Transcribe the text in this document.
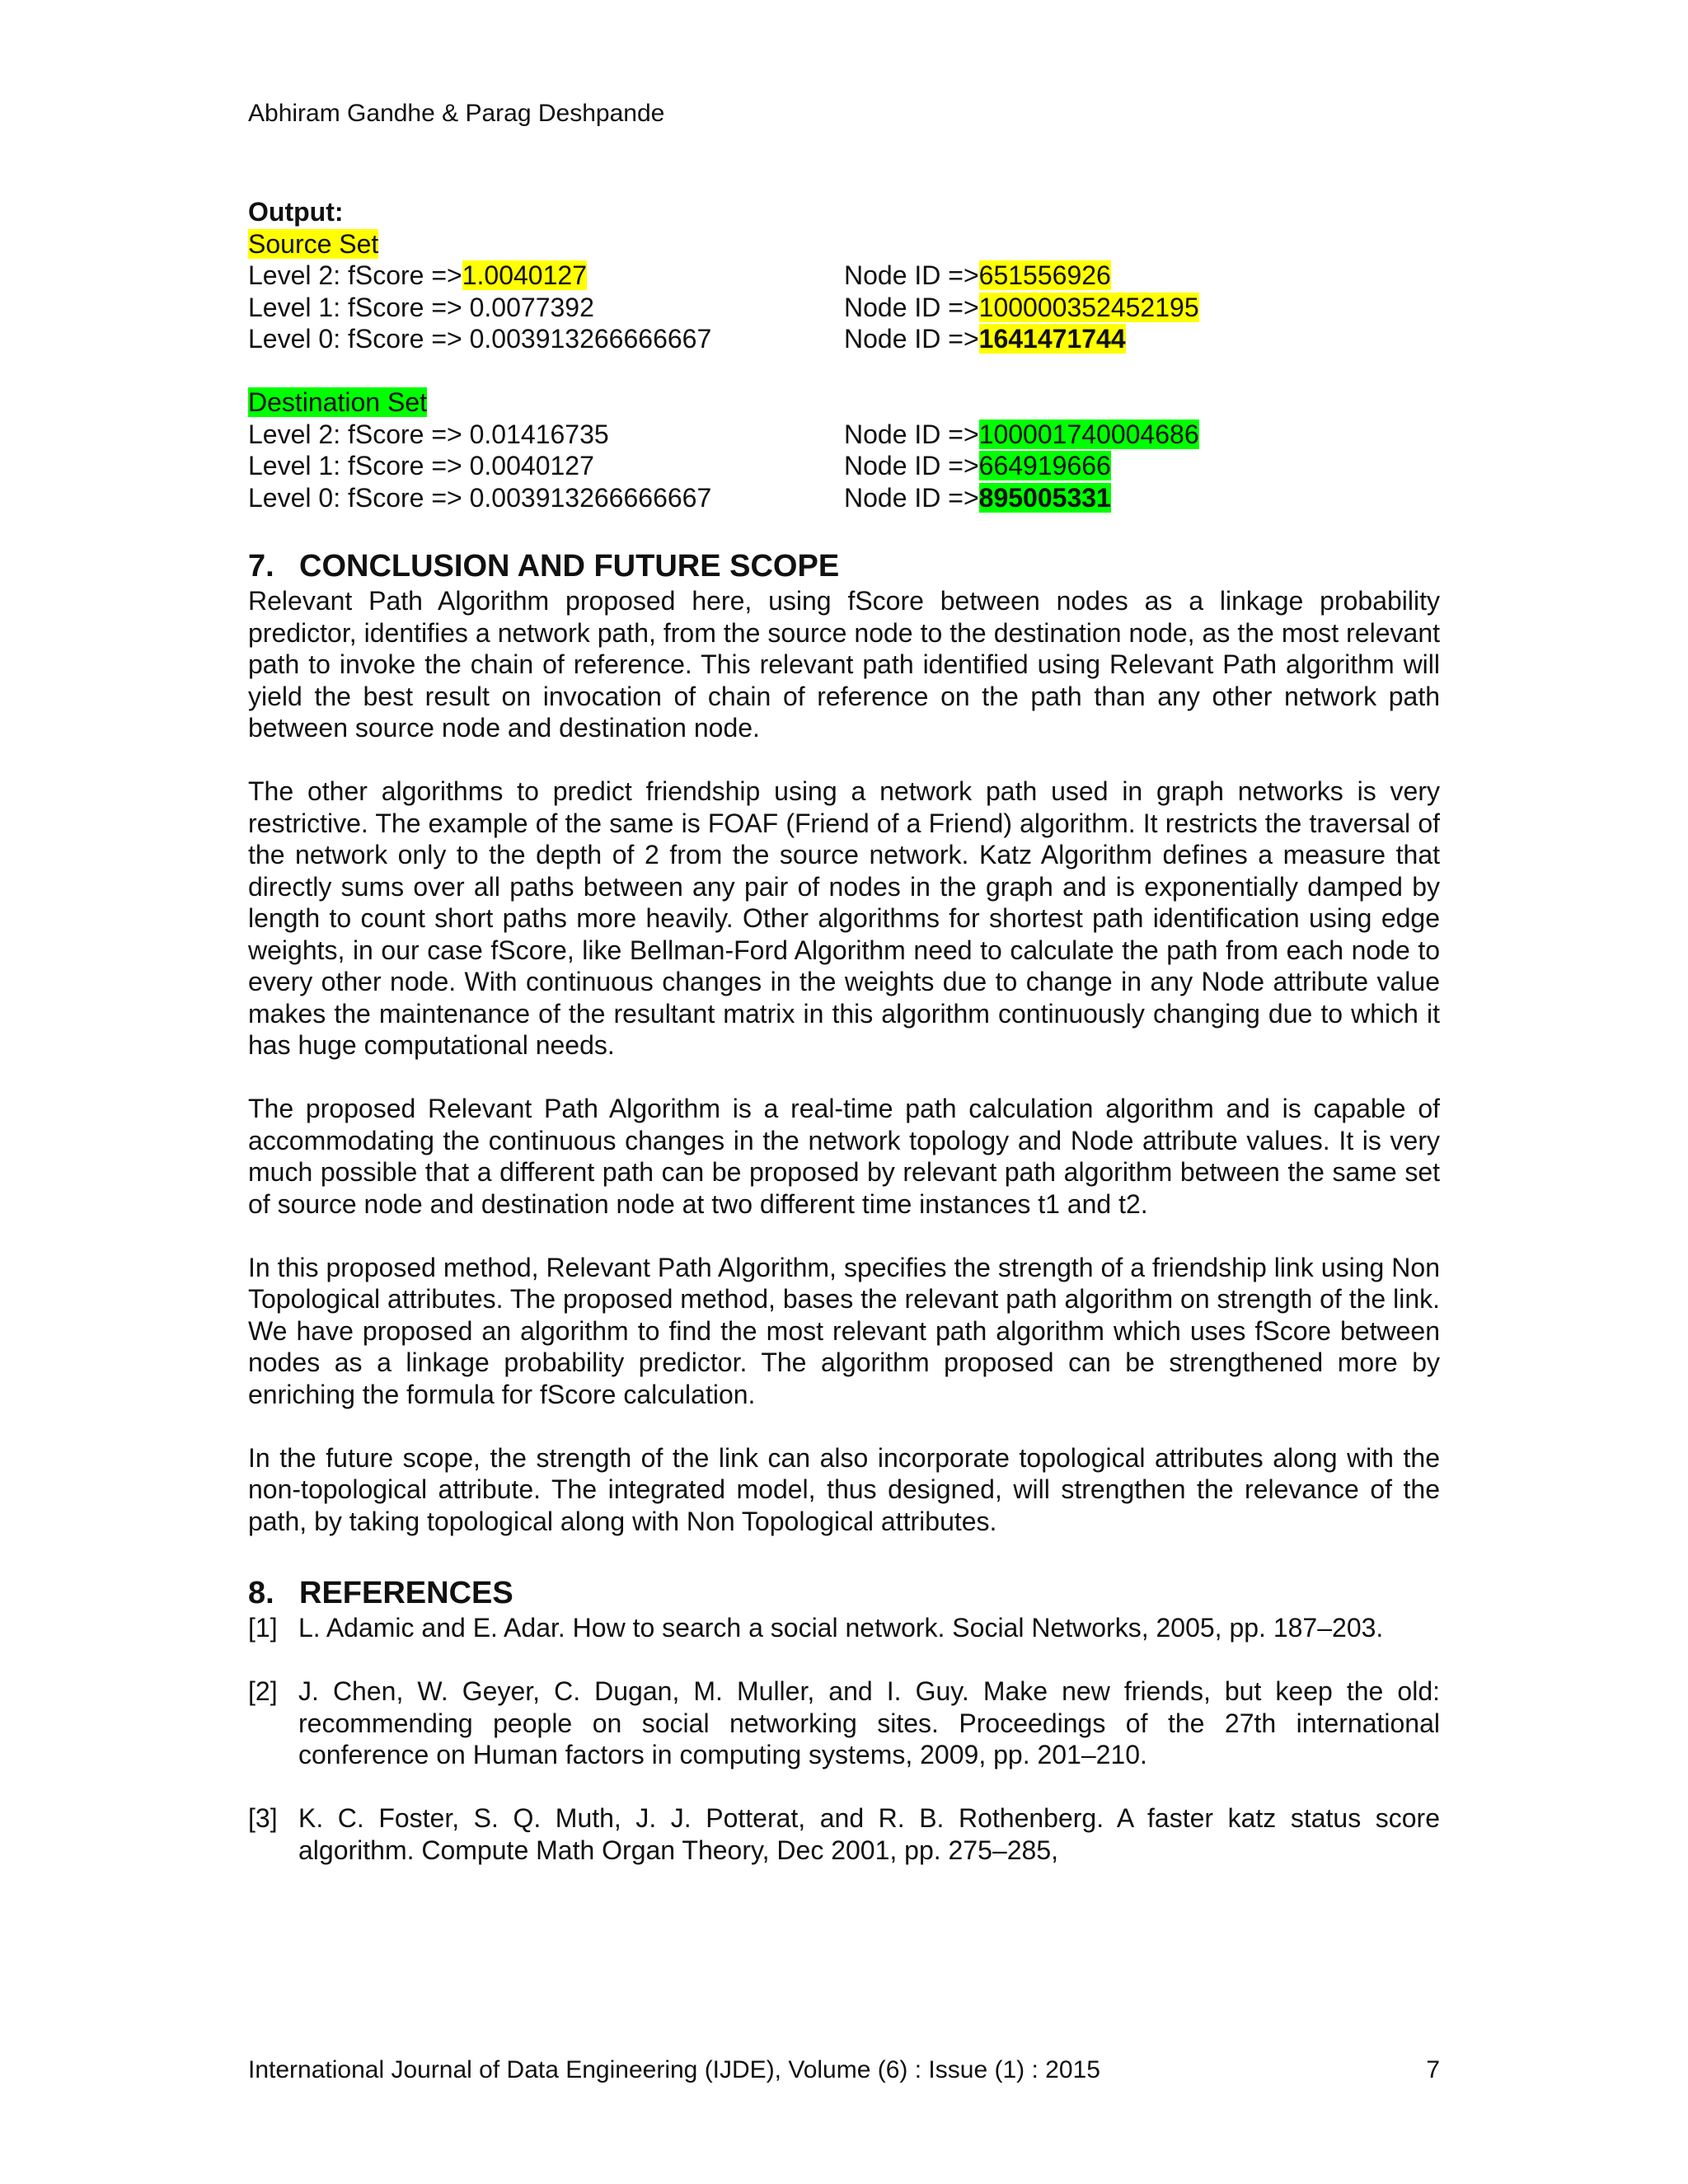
Abhiram Gandhe & Parag Deshpande
Output:
Source Set
Level 2: fScore =>1.0040127	Node ID =>651556926
Level 1: fScore => 0.0077392	Node ID =>100000352452195
Level 0: fScore => 0.003913266666667	Node ID =>1641471744
Destination Set
Level 2: fScore => 0.01416735	Node ID =>100001740004686
Level 1: fScore => 0.0040127	Node ID =>664919666
Level 0: fScore => 0.003913266666667	Node ID =>895005331
7. CONCLUSION AND FUTURE SCOPE

Relevant Path Algorithm proposed here, using fScore between nodes as a linkage probability predictor, identifies a network path, from the source node to the destination node, as the most relevant path to invoke the chain of reference. This relevant path identified using Relevant Path algorithm will yield the best result on invocation of chain of reference on the path than any other network path between source node and destination node.

The other algorithms to predict friendship using a network path used in graph networks is very restrictive. The example of the same is FOAF (Friend of a Friend) algorithm. It restricts the traversal of the network only to the depth of 2 from the source network. Katz Algorithm defines a measure that directly sums over all paths between any pair of nodes in the graph and is exponentially damped by length to count short paths more heavily. Other algorithms for shortest path identification using edge weights, in our case fScore, like Bellman-Ford Algorithm need to calculate the path from each node to every other node. With continuous changes in the weights due to change in any Node attribute value makes the maintenance of the resultant matrix in this algorithm continuously changing due to which it has huge computational needs.

The proposed Relevant Path Algorithm is a real-time path calculation algorithm and is capable of accommodating the continuous changes in the network topology and Node attribute values. It is very much possible that a different path can be proposed by relevant path algorithm between the same set of source node and destination node at two different time instances t1 and t2.

In this proposed method, Relevant Path Algorithm, specifies the strength of a friendship link using Non Topological attributes. The proposed method, bases the relevant path algorithm on strength of the link. We have proposed an algorithm to find the most relevant path algorithm which uses fScore between nodes as a linkage probability predictor. The algorithm proposed can be strengthened more by enriching the formula for fScore calculation.

In the future scope, the strength of the link can also incorporate topological attributes along with the non-topological attribute. The integrated model, thus designed, will strengthen the relevance of the path, by taking topological along with Non Topological attributes.

8. REFERENCES
[1] L. Adamic and E. Adar. How to search a social network. Social Networks, 2005, pp. 187–203.
[2] J. Chen, W. Geyer, C. Dugan, M. Muller, and I. Guy. Make new friends, but keep the old: recommending people on social networking sites. Proceedings of the 27th international conference on Human factors in computing systems, 2009, pp. 201–210.
[3] K. C. Foster, S. Q. Muth, J. J. Potterat, and R. B. Rothenberg. A faster katz status score algorithm. Compute Math Organ Theory, Dec 2001, pp. 275–285,
International Journal of Data Engineering (IJDE), Volume (6) : Issue (1) : 2015	7
